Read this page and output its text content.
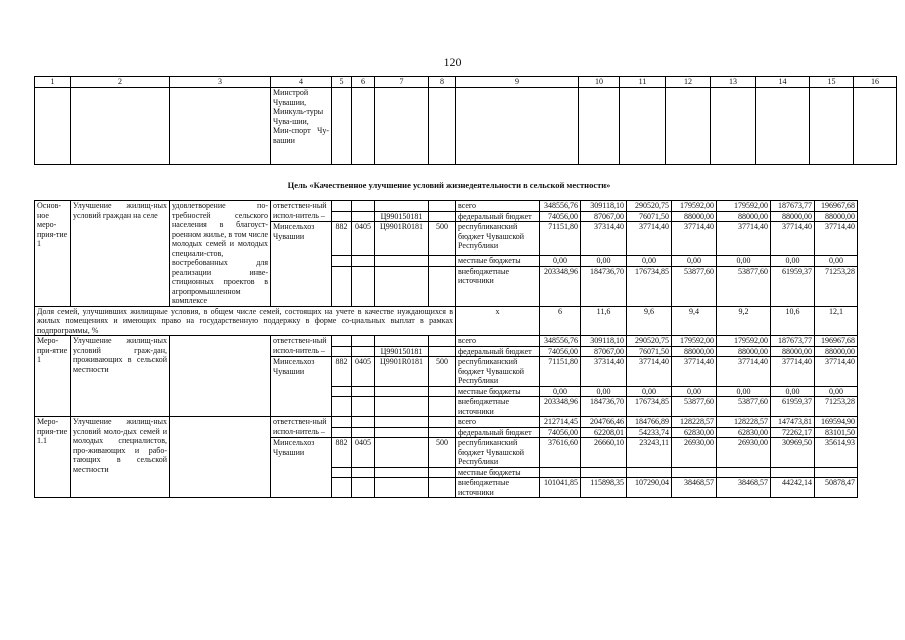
120
1	2	3	4	5	6	7	8	9	10	11	12	13	14	15	16
			Минстрой Чувашии, Минкуль-туры Чува-шии, Мин-спорт Чу-вашии												
Цель «Качественное улучшение условий жизнедеятельности в сельской местности»
Основ-ное меро-прия-тие 1	Улучшение жилищ-ных условий граждан на селе	удовлетворение по-требностей сельского населения в благоуст-роенном жилье, в том числе молодых семей и молодых специали-стов, востребованных для реализации инве-стиционных проектов в агропромышленном комплексе	ответствен-ный испол-нитель –					всего	348556,76	309118,10	290520,75	179592,00	179592,00	187673,77	196967,68
						Ц990150181		федеральный бюджет	74056,00	87067,00	76071,50	88000,00	88000,00	88000,00	88000,00
			Минсельхоз Чувашии	882	0405	Ц9901R0181	500	республиканский бюджет Чувашской Республики	71151,80	37314,40	37714,40	37714,40	37714,40	37714,40	37714,40
								местные бюджеты	0,00	0,00	0,00	0,00	0,00	0,00	0,00
								внебюджетные источники	203348,96	184736,70	176734,85	53877,60	53877,60	61959,37	71253,28
Доля семей, улучшивших жилищные условия, в общем числе семей, состоящих на учете в качестве нуждающихся в жилых помещениях и имеющих право на государственную поддержку в форме со-циальных выплат в рамках подпрограммы, %								x	6	11,6	9,6	9,4	9,2	10,6	12,1
Меро-при-ятие 1	Улучшение жилищ-ных условий граж-дан, проживающих в сельской местности		ответствен-ный испол-нитель –					всего	348556,76	309118,10	290520,75	179592,00	179592,00	187673,77	196967,68
						Ц990150181		федеральный бюджет	74056,00	87067,00	76071,50	88000,00	88000,00	88000,00	88000,00
			Минсельхоз Чувашии	882	0405	Ц9901R0181	500	республиканский бюджет Чувашской Республики	71151,80	37314,40	37714,40	37714,40	37714,40	37714,40	37714,40
								местные бюджеты	0,00	0,00	0,00	0,00	0,00	0,00	0,00
								внебюджетные источники	203348,96	184736,70	176734,85	53877,60	53877,60	61959,37	71253,28
Меро-прия-тие 1.1	Улучшение жилищ-ных условий моло-дых семей и молодых специалистов, про-живающих и рабо-тающих в сельской местности		ответствен-ный испол-нитель –					всего	212714,45	204766,46	184766,89	128228,57	128228,57	147473,81	169594,90
								федеральный бюджет	74056,00	62208,01	54233,74	62830,00	62830,00	72262,17	83101,50
			Минсельхоз Чувашии	882	0405		500	республиканский бюджет Чувашской Республики	37616,60	26660,10	23243,11	26930,00	26930,00	30969,50	35614,93
								местные бюджеты							
								внебюджетные источники	101041,85	115898,35	107290,04	38468,57	38468,57	44242,14	50878,47
